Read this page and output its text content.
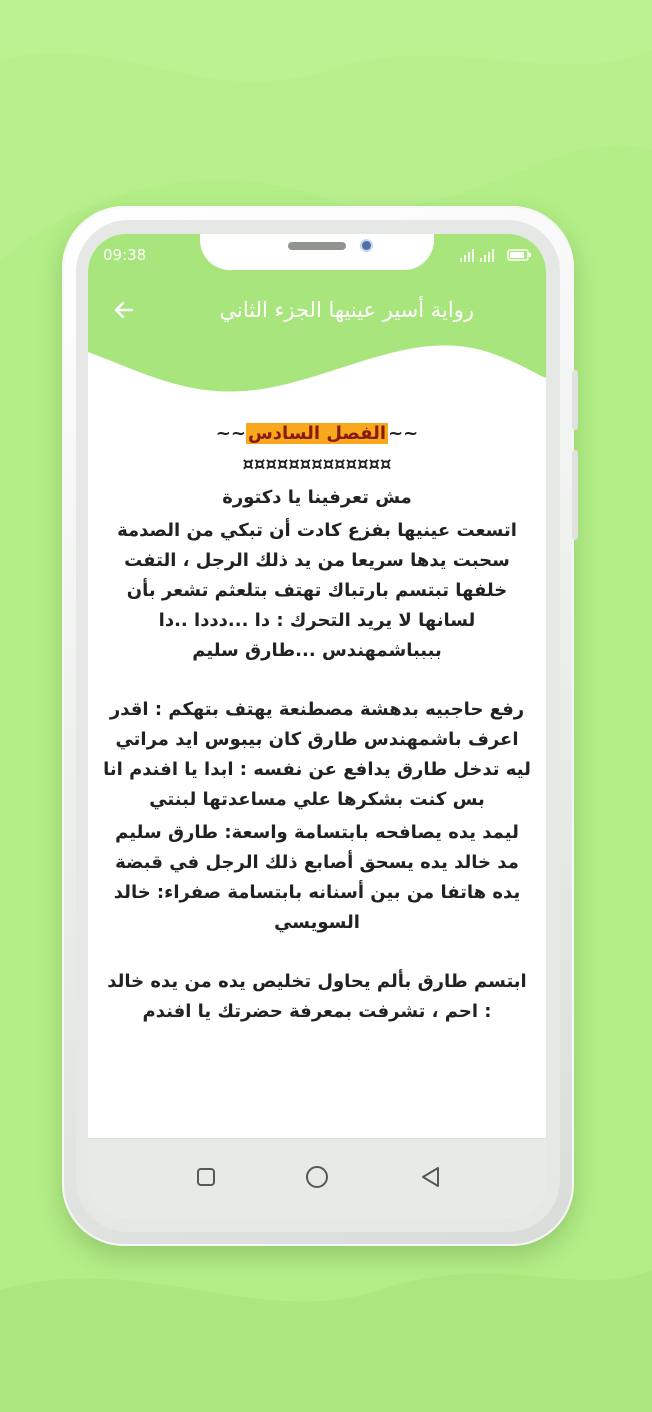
09:38
رواية أسير عينيها الجزء الثاني
~~الفصل السادس~~
¤¤¤¤¤¤¤¤¤¤¤¤¤
مش تعرفينا يا دكتورة
اتسعت عينيها بفزع كادت أن تبكي من الصدمة سحبت يدها سريعا من يد ذلك الرجل ، التفت خلفها تبتسم بارتباك تهتف بتلعثم تشعر بأن لسانها لا يريد التحرك : دا ...دددا ..دا بببباشمهندس ...طارق سليم
رفع حاجبيه بدهشة مصطنعة يهتف بتهكم : اقدر اعرف باشمهندس طارق كان بيبوس ايد مراتي ليه تدخل طارق يدافع عن نفسه : ابدا يا افندم انا بس كنت بشكرها علي مساعدتها لبنتي
ليمد يده يصافحه بابتسامة واسعة: طارق سليم مد خالد يده يسحق أصابع ذلك الرجل في قبضة يده هاتفا من بين أسنانه بابتسامة صفراء: خالد السويسي
ابتسم طارق بألم يحاول تخليص يده من يده خالد : احم ، تشرفت بمعرفة حضرتك يا افندم
